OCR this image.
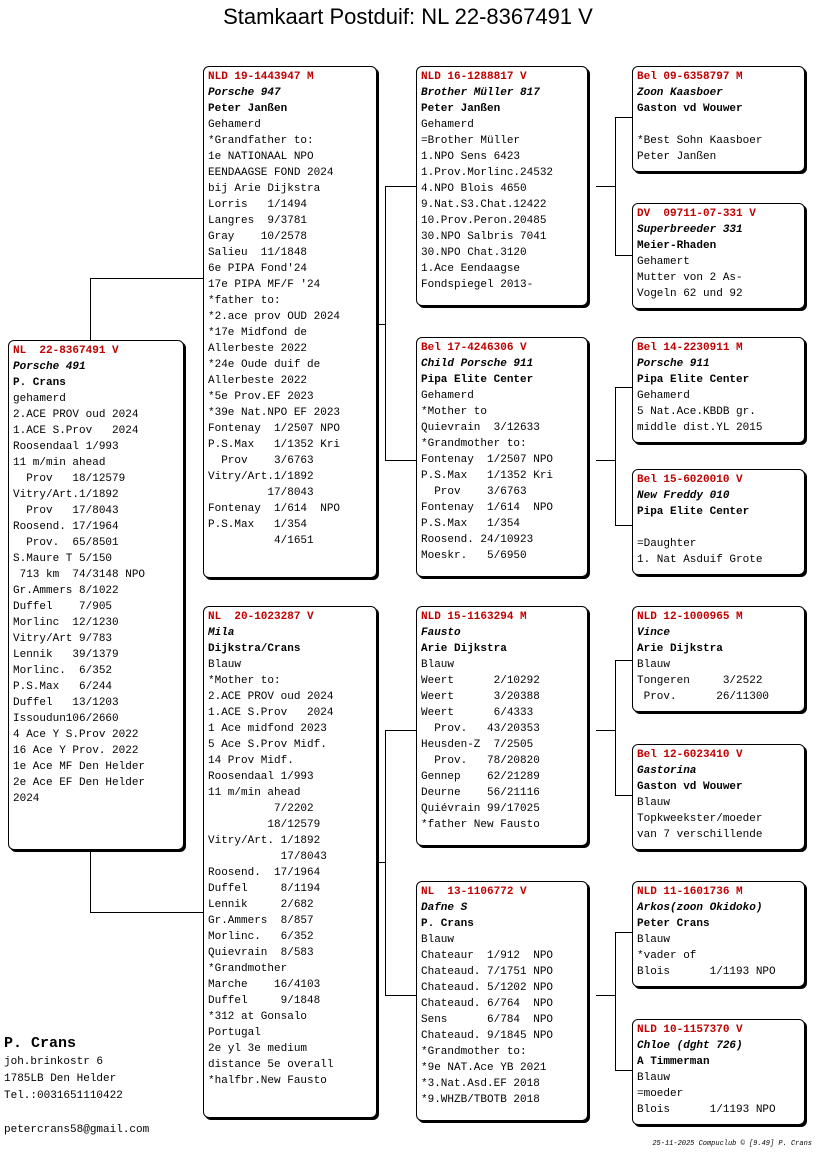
Stamkaart Postduif: NL 22-8367491 V
NL  22-8367491 V
Porsche 491
P. Crans
gehamerd
2.ACE PROV oud 2024
1.ACE S.Prov   2024
Roosendaal 1/993
11 m/min ahead
Prov   18/12579
Vitry/Art.1/1892
Prov   17/8043
Roosend. 17/1964
Prov.  65/8501
S.Maure T 5/150
713 km  74/3148 NPO
Gr.Ammers 8/1022
Duffel    7/905
Morlinc  12/1230
Vitry/Art 9/783
Lennik   39/1379
Morlinc.  6/352
P.S.Max   6/244
Duffel   13/1203
Issoudun106/2660
4 Ace Y S.Prov 2022
16 Ace Y Prov. 2022
1e Ace MF Den Helder
2e Ace EF Den Helder
2024
NLD 19-1443947 M
Porsche 947
Peter Janßen
Gehamerd
*Grandfather to:
1e NATIONAAL NPO
EENDAAGSE FOND 2024
bij Arie Dijkstra
Lorris   1/1494
Langres  9/3781
Gray    10/2578
Salieu  11/1848
6e PIPA Fond'24
17e PIPA MF/F '24
*father to:
*2.ace prov OUD 2024
*17e Midfond de
Allerbeste 2022
*24e Oude duif de
Allerbeste 2022
*5e Prov.EF 2023
*39e Nat.NPO EF 2023
Fontenay  1/2507 NPO
P.S.Max   1/1352 Kri
Prov    3/6763
Vitry/Art.1/1892
17/8043
Fontenay  1/614  NPO
P.S.Max   1/354
4/1651
NL  20-1023287 V
Mila
Dijkstra/Crans
Blauw
*Mother to:
2.ACE PROV oud 2024
1.ACE S.Prov   2024
1 Ace midfond 2023
5 Ace S.Prov Midf.
14 Prov Midf.
Roosendaal 1/993
11 m/min ahead
7/2202
18/12579
Vitry/Art. 1/1892
17/8043
Roosend.  17/1964
Duffel     8/1194
Lennik     2/682
Gr.Ammers  8/857
Morlinc.   6/352
Quievrain  8/583
*Grandmother
Marche    16/4103
Duffel     9/1848
*312 at Gonsalo
Portugal
2e yl 3e medium
distance 5e overall
*halfbr.New Fausto
NLD 16-1288817 V
Brother Müller 817
Peter Janßen
Gehamerd
=Brother Müller
1.NPO Sens 6423
1.Prov.Morlinc.24532
4.NPO Blois 4650
9.Nat.S3.Chat.12422
10.Prov.Peron.20485
30.NPO Salbris 7041
30.NPO Chat.3120
1.Ace Eendaagse
Fondspiegel 2013-
Bel 17-4246306 V
Child Porsche 911
Pipa Elite Center
Gehamerd
*Mother to
Quievrain  3/12633
*Grandmother to:
Fontenay  1/2507 NPO
P.S.Max   1/1352 Kri
Prov    3/6763
Fontenay  1/614  NPO
P.S.Max   1/354
Roosend. 24/10923
Moeskr.   5/6950
NLD 15-1163294 M
Fausto
Arie Dijkstra
Blauw
Weert      2/10292
Weert      3/20388
Weert      6/4333
Prov.   43/20353
Heusden-Z  7/2505
Prov.   78/20820
Gennep    62/21289
Deurne    56/21116
Quiévrain 99/17025
*father New Fausto
NL  13-1106772 V
Dafne S
P. Crans
Blauw
Chateaur  1/912  NPO
Chateaud. 7/1751 NPO
Chateaud. 5/1202 NPO
Chateaud. 6/764  NPO
Sens      6/784  NPO
Chateaud. 9/1845 NPO
*Grandmother to:
*9e NAT.Ace YB 2021
*3.Nat.Asd.EF 2018
*9.WHZB/TBOTB 2018
Bel 09-6358797 M
Zoon Kaasboer
Gaston vd Wouwer
*Best Sohn Kaasboer
Peter Janßen
DV  09711-07-331 V
Superbreeder 331
Meier-Rhaden
Gehamert
Mutter von 2 As-
Vogeln 62 und 92
Bel 14-2230911 M
Porsche 911
Pipa Elite Center
Gehamerd
5 Nat.Ace.KBDB gr.
middle dist.YL 2015
Bel 15-6020010 V
New Freddy 010
Pipa Elite Center
=Daughter
1. Nat Asduif Grote
NLD 12-1000965 M
Vince
Arie Dijkstra
Blauw
Tongeren     3/2522
Prov.      26/11300
Bel 12-6023410 V
Gastorina
Gaston vd Wouwer
Blauw
Topkweekster/moeder
van 7 verschillende
NLD 11-1601736 M
Arkos(zoon Okidoko)
Peter Crans
Blauw
*vader of
Blois      1/1193 NPO
NLD 10-1157370 V
Chloe (dght 726)
A Timmerman
Blauw
=moeder
Blois      1/1193 NPO
P. Crans
joh.brinkostr 6
1785LB Den Helder
Tel.:0031651110422
petercrans58@gmail.com
25-11-2025 Compuclub © [9.49] P. Crans
